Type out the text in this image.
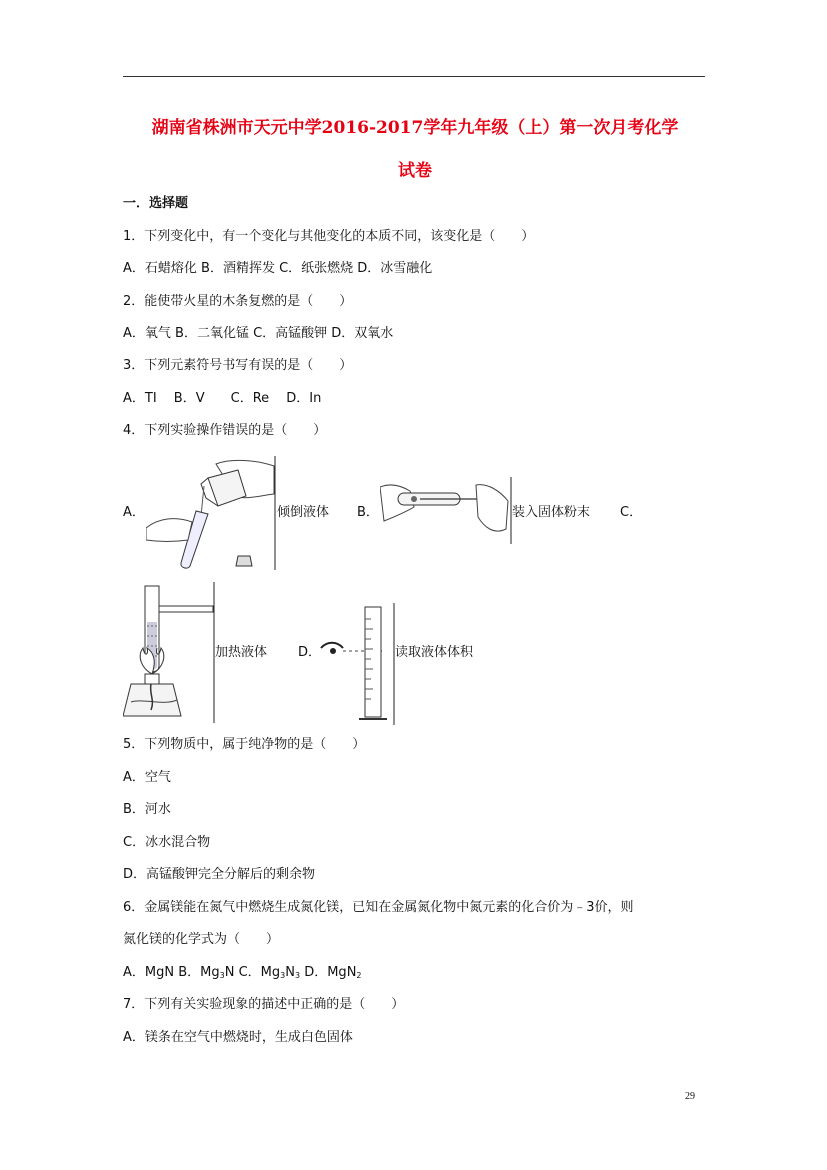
湖南省株洲市天元中学2016-2017学年九年级（上）第一次月考化学
试卷
一．选择题
1．下列变化中，有一个变化与其他变化的本质不同，该变化是（　　）
A．石蜡熔化 B．酒精挥发 C．纸张燃烧 D．冰雪融化
2．能使带火星的木条复燃的是（　　）
A．氧气 B．二氧化锰 C．高锰酸钾 D．双氧水
3．下列元素符号书写有误的是（　　）
A．TI　 B．V　　C．Re　 D．In
4．下列实验操作错误的是（　　）
A．	倾倒液体 B．	装入固体粉末 C．
加热液体 D．	读取液体体积
5．下列物质中，属于纯净物的是（　　）
A．空气
B．河水
C．冰水混合物
D．高锰酸钾完全分解后的剩余物
6．金属镁能在氮气中燃烧生成氮化镁，已知在金属氮化物中氮元素的化合价为﹣3价，则
氮化镁的化学式为（　　）
A．MgN B．$Mg_3N$ C．$Mg_3N_3$ D．MgN$_2$
7．下列有关实验现象的描述中正确的是（　　）
A．镁条在空气中燃烧时，生成白色固体
29
